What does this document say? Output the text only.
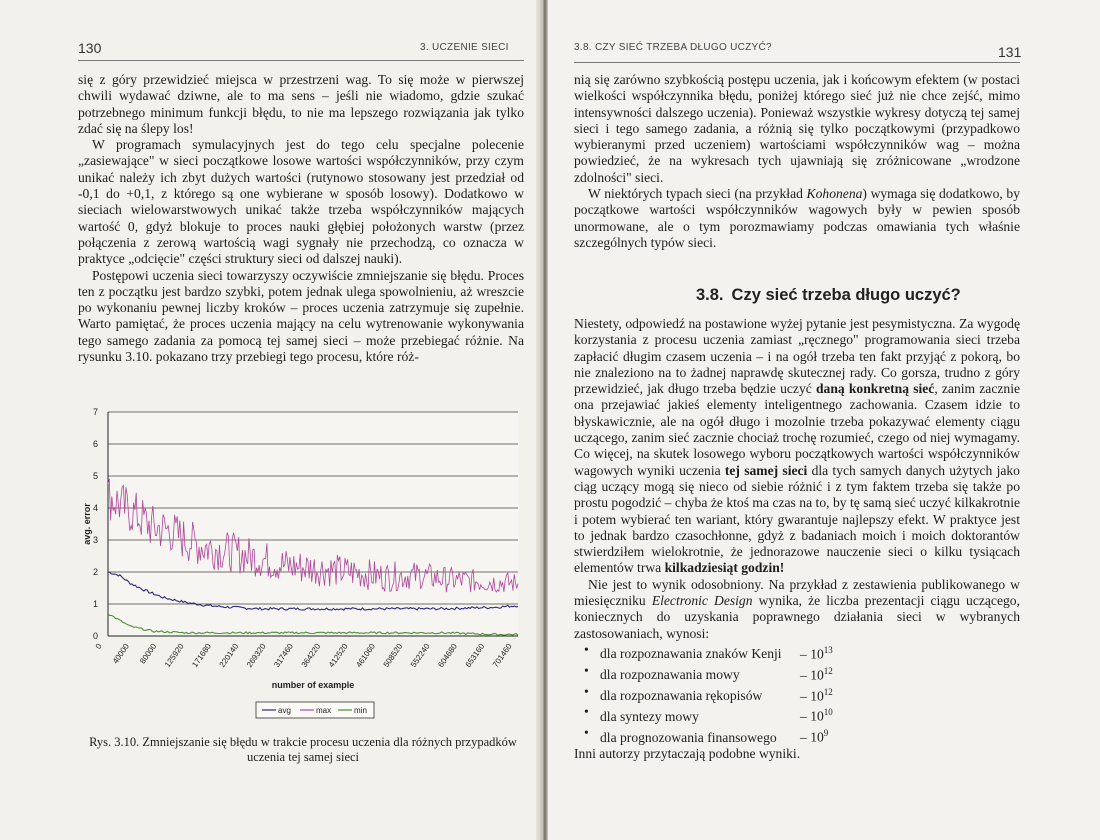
130	3. UCZENIE SIECI

się z góry przewidzieć miejsca w przestrzeni wag. To się może w pierwszej chwili wydawać dziwne, ale to ma sens – jeśli nie wiadomo, gdzie szukać potrzebnego minimum funkcji błędu, to nie ma lepszego rozwiązania jak tylko zdać się na ślepy los!

W programach symulacyjnych jest do tego celu specjalne polecenie „zasiewające" w sieci początkowe losowe wartości współczynników, przy czym unikać należy ich zbyt dużych wartości (rutynowo stosowany jest przedział od -0,1 do +0,1, z którego są one wybierane w sposób losowy). Dodatkowo w sieciach wielowarstwowych unikać także trzeba współczynników mających wartość 0, gdyż blokuje to proces nauki głębiej położonych warstw (przez połączenia z zerową wartością wagi sygnały nie przechodzą, co oznacza w praktyce „odcięcie" części struktury sieci od dalszej nauki).

Postępowi uczenia sieci towarzyszy oczywiście zmniejszanie się błędu. Proces ten z początku jest bardzo szybki, potem jednak ulega spowolnieniu, aż wreszcie po wykonaniu pewnej liczby kroków – proces uczenia zatrzymuje się zupełnie. Warto pamiętać, że proces uczenia mający na celu wytrenowanie wykonywania tego samego zadania za pomocą tej samej sieci – może przebiegać różnie. Na rysunku 3.10. pokazano trzy przebiegi tego procesu, które róż-

0
1
2
3
4
5
6
7
0 40000 80000 125920 171680 220140 269320 317460 364220 412520 461060 508520 552240 604680 653160 701460
avg. error
number of example
avg	max	min
Rys. 3.10. Zmniejszanie się błędu w trakcie procesu uczenia dla różnych przypadków uczenia tej samej sieci
3.8. CZY SIEĆ TRZEBA DŁUGO UCZYĆ?	131

nią się zarówno szybkością postępu uczenia, jak i końcowym efektem (w postaci wielkości współczynnika błędu, poniżej którego sieć już nie chce zejść, mimo intensywności dalszego uczenia). Ponieważ wszystkie wykresy dotyczą tej samej sieci i tego samego zadania, a różnią się tylko początkowymi (przypadkowo wybieranymi przed uczeniem) wartościami współczynników wag – można powiedzieć, że na wykresach tych ujawniają się zróżnicowane „wrodzone zdolności" sieci.

W niektórych typach sieci (na przykład Kohonena) wymaga się dodatkowo, by początkowe wartości współczynników wagowych były w pewien sposób unormowane, ale o tym porozmawiamy podczas omawiania tych właśnie szczególnych typów sieci.

3.8. Czy sieć trzeba długo uczyć?

Niestety, odpowiedź na postawione wyżej pytanie jest pesymistyczna. Za wygodę korzystania z procesu uczenia zamiast „ręcznego" programowania sieci trzeba zapłacić długim czasem uczenia – i na ogół trzeba ten fakt przyjąć z pokorą, bo nie znaleziono na to żadnej naprawdę skutecznej rady. Co gorsza, trudno z góry przewidzieć, jak długo trzeba będzie uczyć daną konkretną sieć, zanim zacznie ona przejawiać jakieś elementy inteligentnego zachowania. Czasem idzie to błyskawicznie, ale na ogół długo i mozolnie trzeba pokazywać elementy ciągu uczącego, zanim sieć zacznie chociaż trochę rozumieć, czego od niej wymagamy. Co więcej, na skutek losowego wyboru początkowych wartości współczynników wagowych wyniki uczenia tej samej sieci dla tych samych danych użytych jako ciąg uczący mogą się nieco od siebie różnić i z tym faktem trzeba się także po prostu pogodzić – chyba że ktoś ma czas na to, by tę samą sieć uczyć kilkakrotnie i potem wybierać ten wariant, który gwarantuje najlepszy efekt. W praktyce jest to jednak bardzo czasochłonne, gdyż z badaniach moich i moich doktorantów stwierdziłem wielokrotnie, że jednorazowe nauczenie sieci o kilku tysiącach elementów trwa kilkadziesiąt godzin!

Nie jest to wynik odosobniony. Na przykład z zestawienia publikowanego w miesięczniku Electronic Design wynika, że liczba prezentacji ciągu uczącego, koniecznych do uzyskania poprawnego działania sieci w wybranych zastosowaniach, wynosi:

• dla rozpoznawania znaków Kenji – $10^{13}$
• dla rozpoznawania mowy	– $10^{12}$
• dla rozpoznawania rękopisów	– $10^{12}$
• dla syntezy mowy	– $10^{10}$
• dla prognozowania finansowego – $10^9$

Inni autorzy przytaczają podobne wyniki.
